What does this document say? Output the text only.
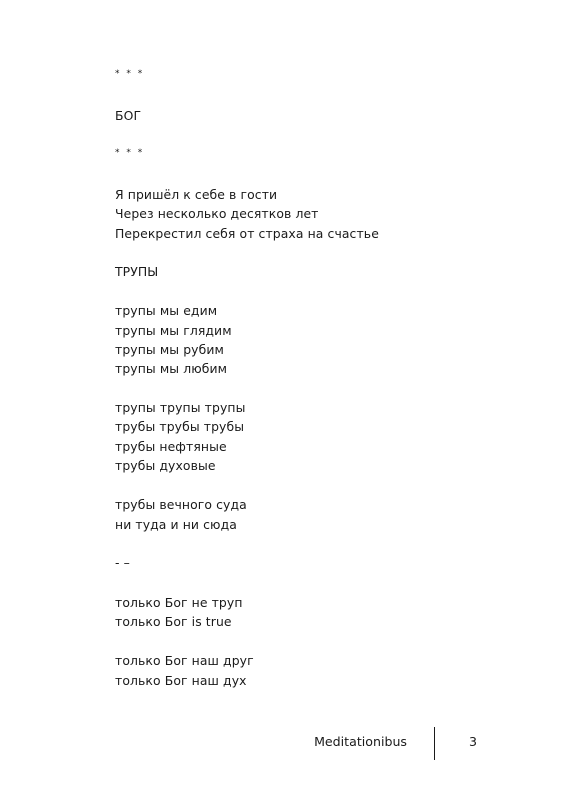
* * *
БОГ
* * *
Я пришёл к себе в гости
Через несколько десятков лет
Перекрестил себя от страха на счастье
ТРУПЫ
трупы мы едим
трупы мы глядим
трупы мы рубим
трупы мы любим
трупы трупы трупы
трубы трубы трубы
трубы нефтяные
трубы духовые
трубы вечного суда
ни туда и ни сюда
- –
только Бог не труп
только Бог is true
только Бог наш друг
только Бог наш дух
Meditationibus	3
